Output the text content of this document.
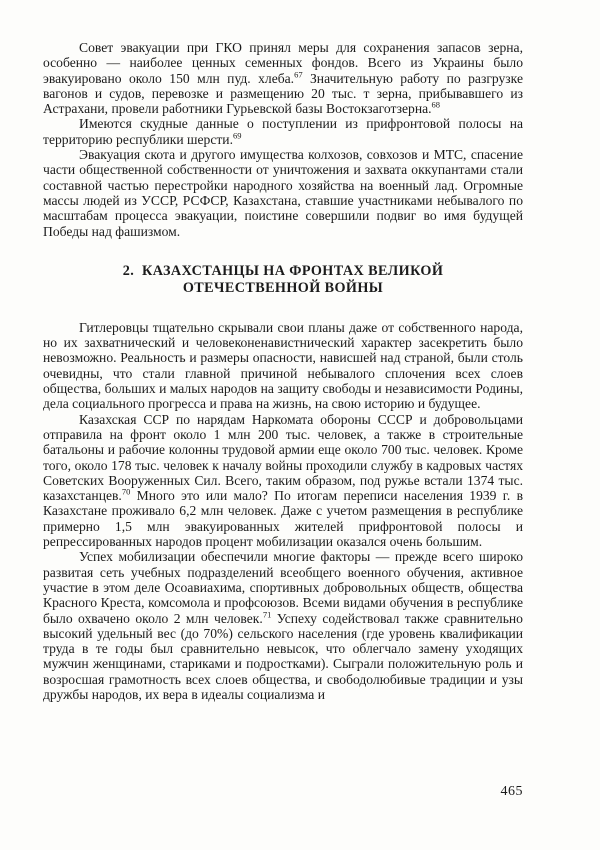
Совет эвакуации при ГКО принял меры для сохранения запасов зерна, особенно — наиболее ценных семенных фондов. Всего из Украины было эвакуировано около 150 млн пуд. хлеба.$^{67}$ Значительную работу по разгрузке вагонов и судов, перевозке и размещению 20 тыс. т зерна, прибывавшего из Астрахани, провели работники Гурьевской базы Востокзаготзерна.$^{68}$

Имеются скудные данные о поступлении из прифронтовой полосы на территорию республики шерсти.$^{69}$

Эвакуация скота и другого имущества колхозов, совхозов и МТС, спасение части общественной собственности от уничтожения и захвата оккупантами стали составной частью перестройки народного хозяйства на военный лад. Огромные массы людей из УССР, РСФСР, Казахстана, ставшие участниками небывалого по масштабам процесса эвакуации, поистине совершили подвиг во имя будущей Победы над фашизмом.

2.  КАЗАХСТАНЦЫ НА ФРОНТАХ ВЕЛИКОЙ
ОТЕЧЕСТВЕННОЙ ВОЙНЫ

Гитлеровцы тщательно скрывали свои планы даже от собственного народа, но их захватнический и человеконенавистнический характер засекретить было невозможно. Реальность и размеры опасности, нависшей над страной, были столь очевидны, что стали главной причиной небывалого сплочения всех слоев общества, больших и малых народов на защиту свободы и независимости Родины, дела социального прогресса и права на жизнь, на свою историю и будущее.

Казахская ССР по нарядам Наркомата обороны СССР и добровольцами отправила на фронт около 1 млн 200 тыс. человек, а также в строительные батальоны и рабочие колонны трудовой армии еще около 700 тыс. человек. Кроме того, около 178 тыс. человек к началу войны проходили службу в кадровых частях Советских Вооруженных Сил. Всего, таким образом, под ружье встали 1374 тыс. казахстанцев.$^{70}$ Много это или мало? По итогам переписи населения 1939 г. в Казахстане проживало 6,2 млн человек. Даже с учетом размещения в республике примерно 1,5 млн эвакуированных жителей прифронтовой полосы и репрессированных народов процент мобилизации оказался очень большим.

Успех мобилизации обеспечили многие факторы — прежде всего широко развитая сеть учебных подразделений всеобщего военного обучения, активное участие в этом деле Осоавиахима, спортивных добровольных обществ, общества Красного Креста, комсомола и профсоюзов. Всеми видами обучения в республике было охвачено около 2 млн человек.$^{71}$ Успеху содействовал также сравнительно высокий удельный вес (до 70%) сельского населения (где уровень квалификации труда в те годы был сравнительно невысок, что облегчало замену уходящих мужчин женщинами, стариками и подростками). Сыграли положительную роль и возросшая грамотность всех слоев общества, и свободолюбивые традиции и узы дружбы народов, их вера в идеалы социализма и

465
